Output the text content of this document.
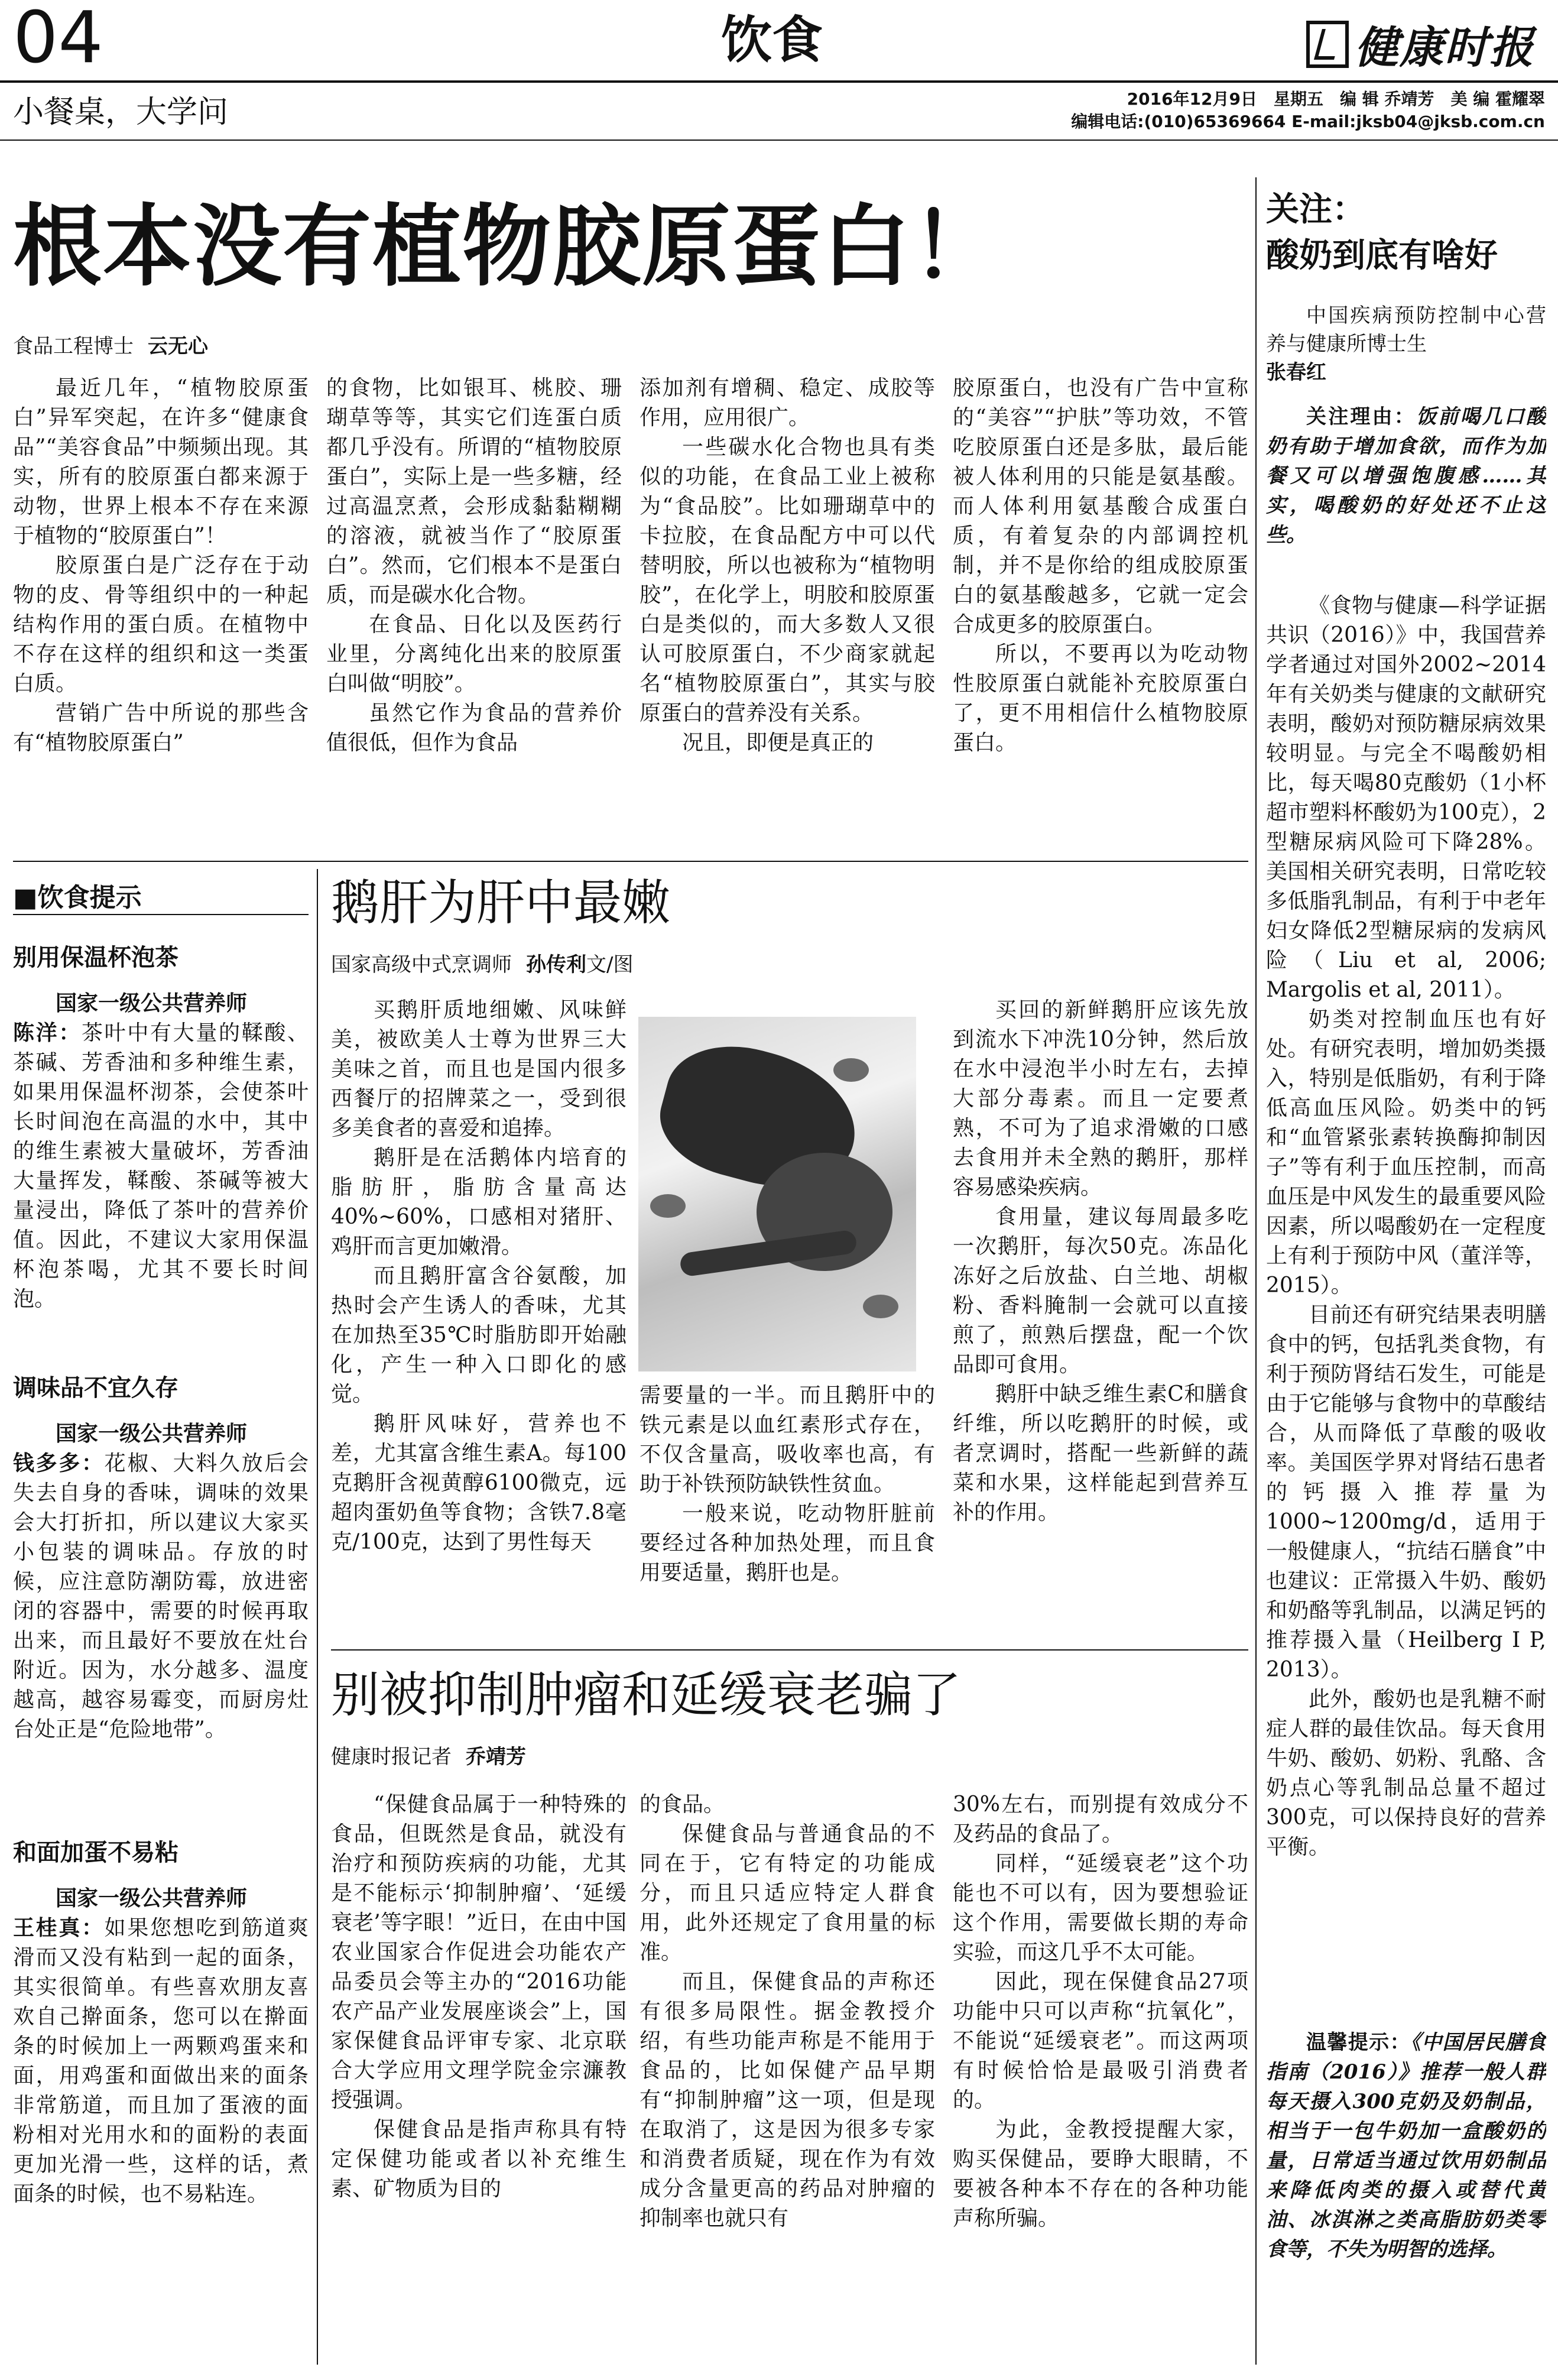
04	饮食	健康时报
小餐桌，大学问	2016年12月9日　星期五　编 辑 乔靖芳　美 编 霍耀翠
编辑电话:(010)65369664 E-mail:jksb04@jksb.com.cn
根本没有植物胶原蛋白！
食品工程博士 云无心

最近几年，“植物胶原蛋白”异军突起，在许多“健康食品”“美容食品”中频频出现。其实，所有的胶原蛋白都来源于动物，世界上根本不存在来源于植物的“胶原蛋白”！

胶原蛋白是广泛存在于动物的皮、骨等组织中的一种起结构作用的蛋白质。在植物中不存在这样的组织和这一类蛋白质。

营销广告中所说的那些含有“植物胶原蛋白”

的食物，比如银耳、桃胶、珊瑚草等等，其实它们连蛋白质都几乎没有。所谓的“植物胶原蛋白”，实际上是一些多糖，经过高温烹煮，会形成黏黏糊糊的溶液，就被当作了“胶原蛋白”。然而，它们根本不是蛋白质，而是碳水化合物。

在食品、日化以及医药行业里，分离纯化出来的胶原蛋白叫做“明胶”。

虽然它作为食品的营养价值很低，但作为食品

添加剂有增稠、稳定、成胶等作用，应用很广。

一些碳水化合物也具有类似的功能，在食品工业上被称为“食品胶”。比如珊瑚草中的卡拉胶，在食品配方中可以代替明胶，所以也被称为“植物明胶”，在化学上，明胶和胶原蛋白是类似的，而大多数人又很认可胶原蛋白，不少商家就起名“植物胶原蛋白”，其实与胶原蛋白的营养没有关系。

况且，即便是真正的

胶原蛋白，也没有广告中宣称的“美容”“护肤”等功效，不管吃胶原蛋白还是多肽，最后能被人体利用的只能是氨基酸。而人体利用氨基酸合成蛋白质，有着复杂的内部调控机制，并不是你给的组成胶原蛋白的氨基酸越多，它就一定会合成更多的胶原蛋白。

所以，不要再以为吃动物性胶原蛋白就能补充胶原蛋白了，更不用相信什么植物胶原蛋白。

■饮食提示
别用保温杯泡茶

国家一级公共营养师

陈洋：茶叶中有大量的鞣酸、茶碱、芳香油和多种维生素，如果用保温杯沏茶，会使茶叶长时间泡在高温的水中，其中的维生素被大量破坏，芳香油大量挥发，鞣酸、茶碱等被大量浸出，降低了茶叶的营养价值。因此，不建议大家用保温杯泡茶喝，尤其不要长时间泡。

调味品不宜久存

国家一级公共营养师

钱多多：花椒、大料久放后会失去自身的香味，调味的效果会大打折扣，所以建议大家买小包装的调味品。存放的时候，应注意防潮防霉，放进密闭的容器中，需要的时候再取出来，而且最好不要放在灶台附近。因为，水分越多、温度越高，越容易霉变，而厨房灶台处正是“危险地带”。

和面加蛋不易粘

国家一级公共营养师

王桂真：如果您想吃到筋道爽滑而又没有粘到一起的面条，其实很简单。有些喜欢朋友喜欢自己擀面条，您可以在擀面条的时候加上一两颗鸡蛋来和面，用鸡蛋和面做出来的面条非常筋道，而且加了蛋液的面粉相对光用水和的面粉的表面更加光滑一些，这样的话，煮面条的时候，也不易粘连。

鹅肝为肝中最嫩
国家高级中式烹调师 孙传利文/图

买鹅肝质地细嫩、风味鲜美，被欧美人士尊为世界三大美味之首，而且也是国内很多西餐厅的招牌菜之一，受到很多美食者的喜爱和追捧。

鹅肝是在活鹅体内培育的脂肪肝，脂肪含量高达40%~60%，口感相对猪肝、鸡肝而言更加嫩滑。

而且鹅肝富含谷氨酸，加热时会产生诱人的香味，尤其在加热至35℃时脂肪即开始融化，产生一种入口即化的感觉。

鹅肝风味好，营养也不差，尤其富含维生素A。每100克鹅肝含视黄醇6100微克，远超肉蛋奶鱼等食物；含铁7.8毫克/100克，达到了男性每天

需要量的一半。而且鹅肝中的铁元素是以血红素形式存在，不仅含量高，吸收率也高，有助于补铁预防缺铁性贫血。

一般来说，吃动物肝脏前要经过各种加热处理，而且食用要适量，鹅肝也是。

买回的新鲜鹅肝应该先放到流水下冲洗10分钟，然后放在水中浸泡半小时左右，去掉大部分毒素。而且一定要煮熟，不可为了追求滑嫩的口感去食用并未全熟的鹅肝，那样容易感染疾病。

食用量，建议每周最多吃一次鹅肝，每次50克。冻品化冻好之后放盐、白兰地、胡椒粉、香料腌制一会就可以直接煎了，煎熟后摆盘，配一个饮品即可食用。

鹅肝中缺乏维生素C和膳食纤维，所以吃鹅肝的时候，或者烹调时，搭配一些新鲜的蔬菜和水果，这样能起到营养互补的作用。

别被抑制肿瘤和延缓衰老骗了
健康时报记者 乔靖芳

“保健食品属于一种特殊的食品，但既然是食品，就没有治疗和预防疾病的功能，尤其是不能标示‘抑制肿瘤’、‘延缓衰老’等字眼！”近日，在由中国农业国家合作促进会功能农产品委员会等主办的“2016功能农产品产业发展座谈会”上，国家保健食品评审专家、北京联合大学应用文理学院金宗濂教授强调。

保健食品是指声称具有特定保健功能或者以补充维生素、矿物质为目的

的食品。

保健食品与普通食品的不同在于，它有特定的功能成分，而且只适应特定人群食用，此外还规定了食用量的标准。

而且，保健食品的声称还有很多局限性。据金教授介绍，有些功能声称是不能用于食品的，比如保健产品早期有“抑制肿瘤”这一项，但是现在取消了，这是因为很多专家和消费者质疑，现在作为有效成分含量更高的药品对肿瘤的抑制率也就只有

30%左右，而别提有效成分不及药品的食品了。

同样，“延缓衰老”这个功能也不可以有，因为要想验证这个作用，需要做长期的寿命实验，而这几乎不太可能。

因此，现在保健食品27项功能中只可以声称“抗氧化”，不能说“延缓衰老”。而这两项有时候恰恰是最吸引消费者的。

为此，金教授提醒大家，购买保健品，要睁大眼睛，不要被各种本不存在的各种功能声称所骗。

关注：
酸奶到底有啥好
中国疾病预防控制中心营养与健康所博士生
张春红
关注理由：饭前喝几口酸奶有助于增加食欲，而作为加餐又可以增强饱腹感……其实，喝酸奶的好处还不止这些。

《食物与健康—科学证据共识（2016）》中，我国营养学者通过对国外2002~2014年有关奶类与健康的文献研究表明，酸奶对预防糖尿病效果较明显。与完全不喝酸奶相比，每天喝80克酸奶（1小杯超市塑料杯酸奶为100克），2型糖尿病风险可下降28%。美国相关研究表明，日常吃较多低脂乳制品，有利于中老年妇女降低2型糖尿病的发病风险（Liu et al, 2006; Margolis et al, 2011）。

奶类对控制血压也有好处。有研究表明，增加奶类摄入，特别是低脂奶，有利于降低高血压风险。奶类中的钙和“血管紧张素转换酶抑制因子”等有利于血压控制，而高血压是中风发生的最重要风险因素，所以喝酸奶在一定程度上有利于预防中风（董洋等，2015）。

目前还有研究结果表明膳食中的钙，包括乳类食物，有利于预防肾结石发生，可能是由于它能够与食物中的草酸结合，从而降低了草酸的吸收率。美国医学界对肾结石患者的钙摄入推荐量为1000~1200mg/d，适用于一般健康人，“抗结石膳食”中也建议：正常摄入牛奶、酸奶和奶酪等乳制品，以满足钙的推荐摄入量（Heilberg I P, 2013）。

此外，酸奶也是乳糖不耐症人群的最佳饮品。每天食用牛奶、酸奶、奶粉、乳酪、含奶点心等乳制品总量不超过300克，可以保持良好的营养平衡。

温馨提示：《中国居民膳食指南（2016）》推荐一般人群每天摄入300克奶及奶制品，相当于一包牛奶加一盒酸奶的量，日常适当通过饮用奶制品来降低肉类的摄入或替代黄油、冰淇淋之类高脂肪奶类零食等，不失为明智的选择。
